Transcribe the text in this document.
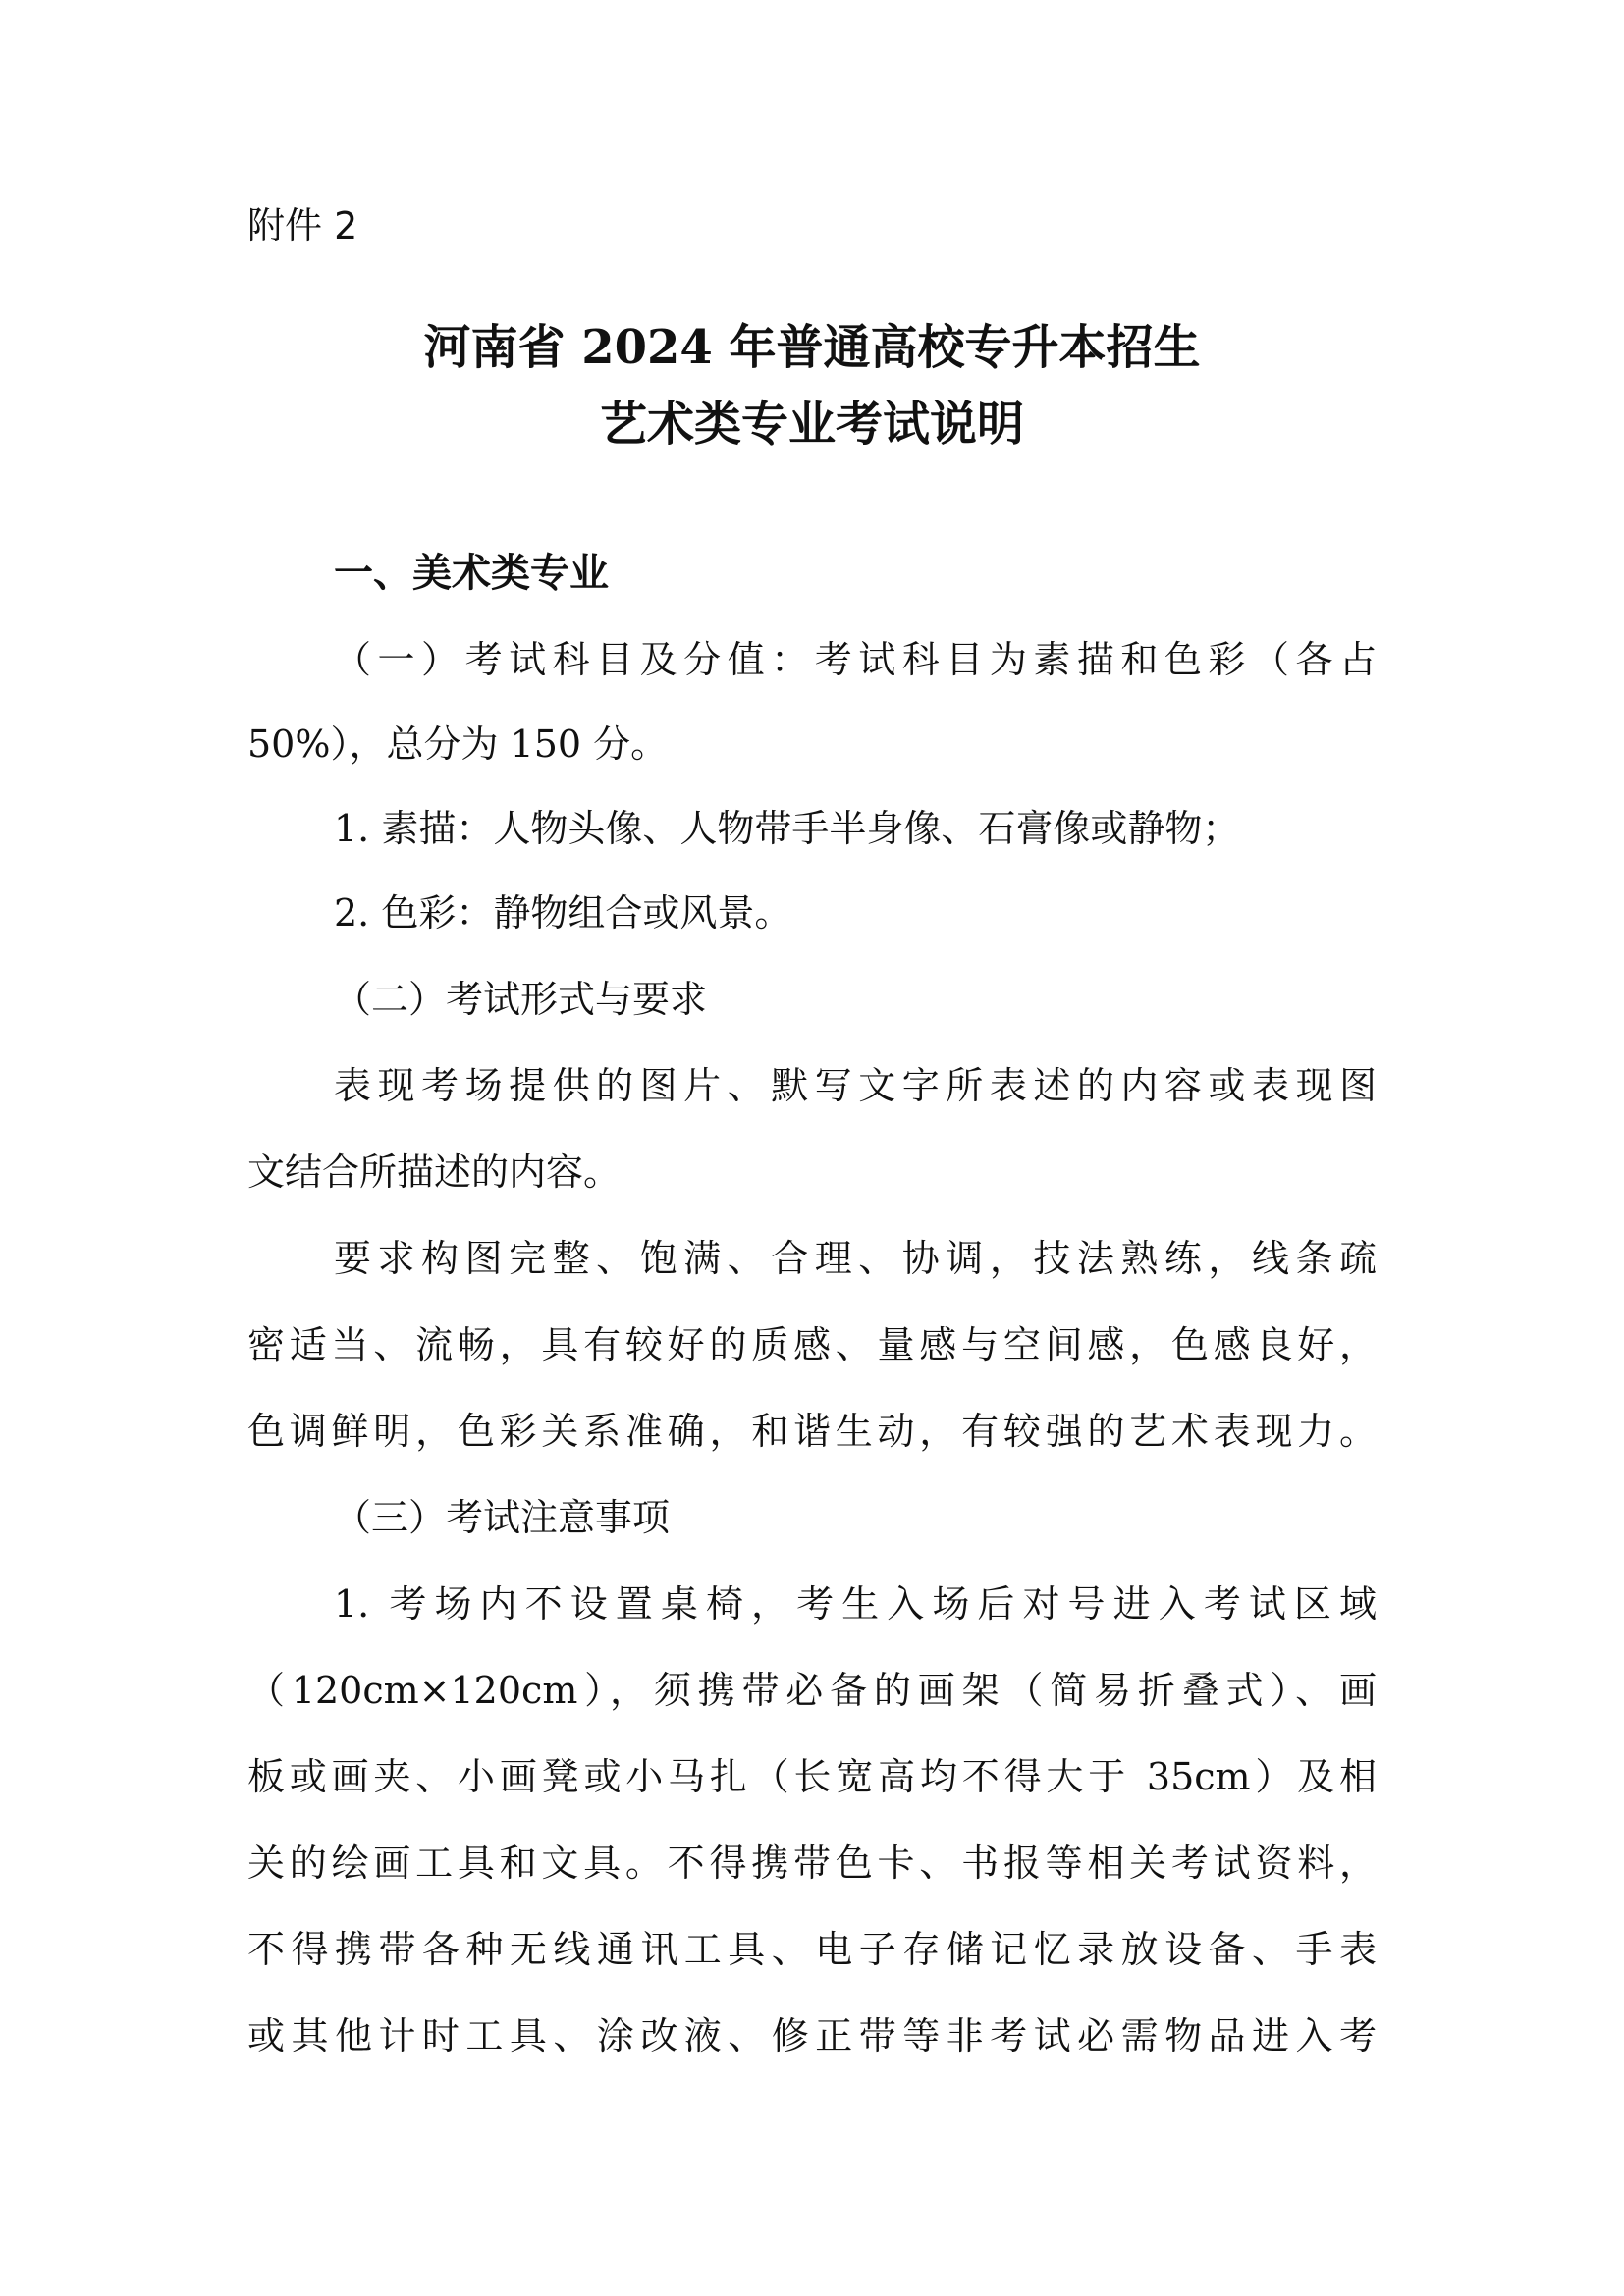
附件 2

河南省 2024 年普通高校专升本招生

艺术类专业考试说明

一、美术类专业

（一）考试科目及分值：考试科目为素描和色彩（各占

50%），总分为 150 分。

1. 素描：人物头像、人物带手半身像、石膏像或静物；

2. 色彩：静物组合或风景。

（二）考试形式与要求

表现考场提供的图片、默写文字所表述的内容或表现图

文结合所描述的内容。

要求构图完整、饱满、合理、协调，技法熟练，线条疏

密适当、流畅，具有较好的质感、量感与空间感，色感良好，

色调鲜明，色彩关系准确，和谐生动，有较强的艺术表现力。

（三）考试注意事项

1. 考场内不设置桌椅，考生入场后对号进入考试区域

（120cm×120cm），须携带必备的画架（简易折叠式）、画

板或画夹、小画凳或小马扎（长宽高均不得大于 35cm）及相

关的绘画工具和文具。不得携带色卡、书报等相关考试资料，

不得携带各种无线通讯工具、电子存储记忆录放设备、手表

或其他计时工具、涂改液、修正带等非考试必需物品进入考
